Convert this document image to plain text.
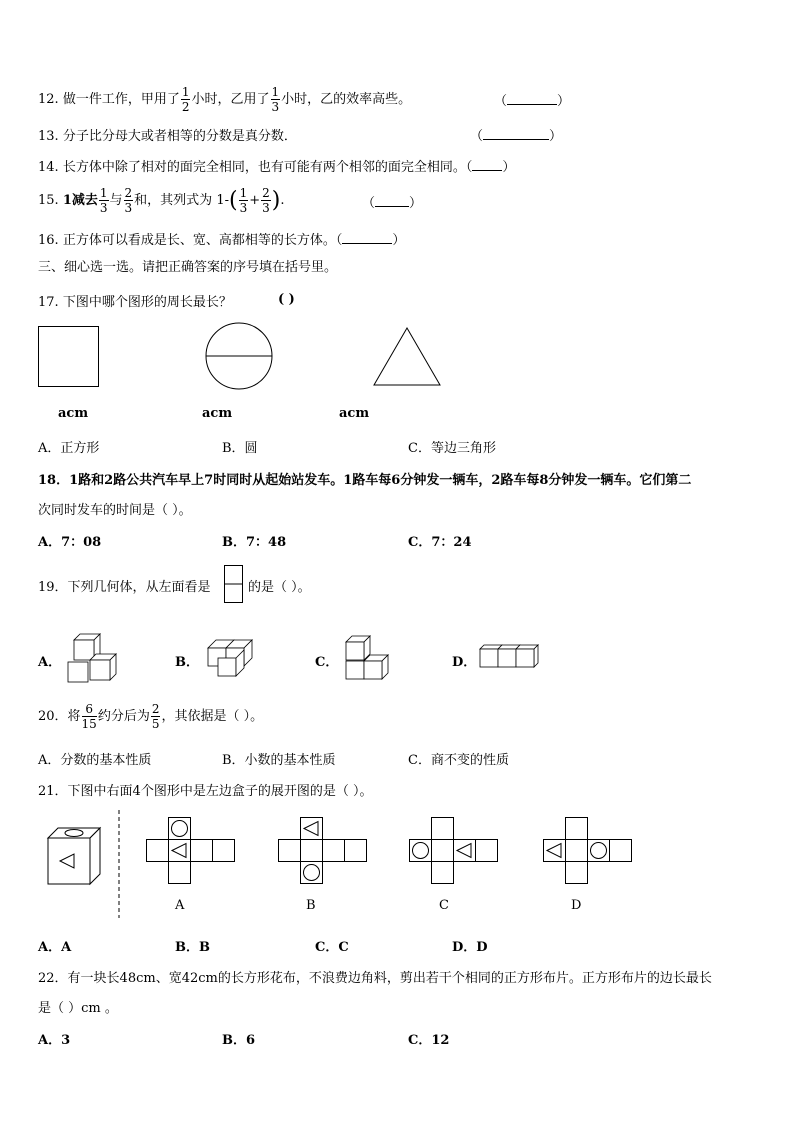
12. 做一件工作，甲用了 $\frac{1}{2}$ 小时，乙用了 $\frac{1}{3}$ 小时，乙的效率高些。	（	）
13. 分子比分母大或者相等的分数是真分数．	（	）
14. 长方体中除了相对的面完全相同，也有可能有两个相邻的面完全相同。（ ）
15. 1减去 $\frac{1}{3}$ 与 $\frac{2}{3}$ 和，其列式为 $1-( \frac{1}{3} + \frac{2}{3}$ ).	（	）
16. 正方体可以看成是长、宽、高都相等的长方体。（	）
三、细心选一选。请把正确答案的序号填在括号里。
17. 下图中哪个图形的周长最长？	( )
acm	acm	acm
A．正方形	B．圆	C．等边三角形
18．1路和2路公共汽车早上7时同时从起始站发车。1路车每6分钟发一辆车，2路车每8分钟发一辆车。它们第二
次同时发车的时间是（ ）。
A．7：08	B．7：48	C．7：24
19．下列几何体，从左面看是	的是（ ）。
A．	B．	C．	D．
20．将 $\frac{6}{15}$ 约分后为 $\frac{2}{5}$ ，其依据是（ ）。
A．分数的基本性质	B．小数的基本性质	C．商不变的性质
21．下图中右面4个图形中是左边盒子的展开图的是（ ）。
A	B	C	D
A．A	B．B	C．C	D．D
22．有一块长48cm、宽42cm的长方形花布，不浪费边角料，剪出若干个相同的正方形布片。正方形布片的边长最长
是（ ）cm 。
A．3	B．6	C．12
